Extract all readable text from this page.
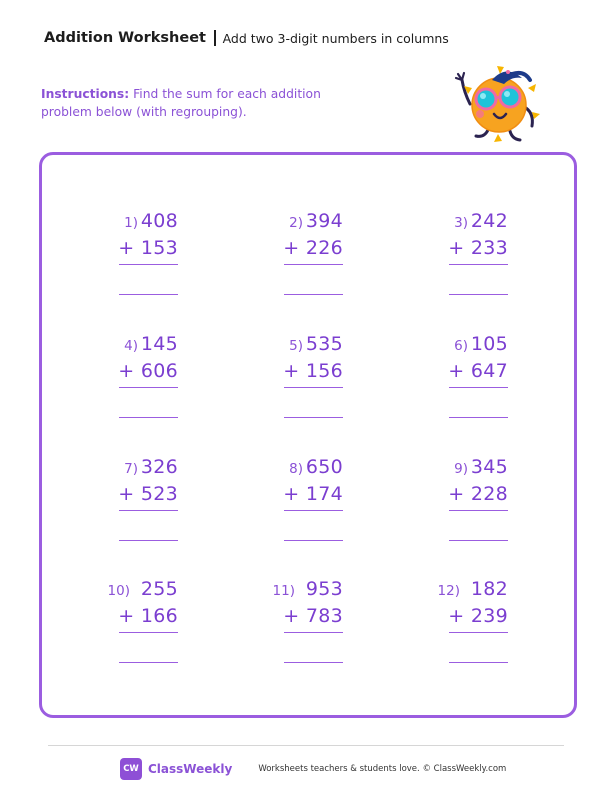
Addition Worksheet Add two 3-digit numbers in columns
Instructions: Find the sum for each addition problem below (with regrouping).
1) 408
+ 153
2) 394
+ 226
3) 242
+ 233
4) 145
+ 606
5) 535
+ 156
6) 105
+ 647
7) 326
+ 523
8) 650
+ 174
9) 345
+ 228
10) 255
+ 166
11) 953
+ 783
12) 182
+ 239
CW ClassWeekly	Worksheets teachers & students love. © ClassWeekly.com
